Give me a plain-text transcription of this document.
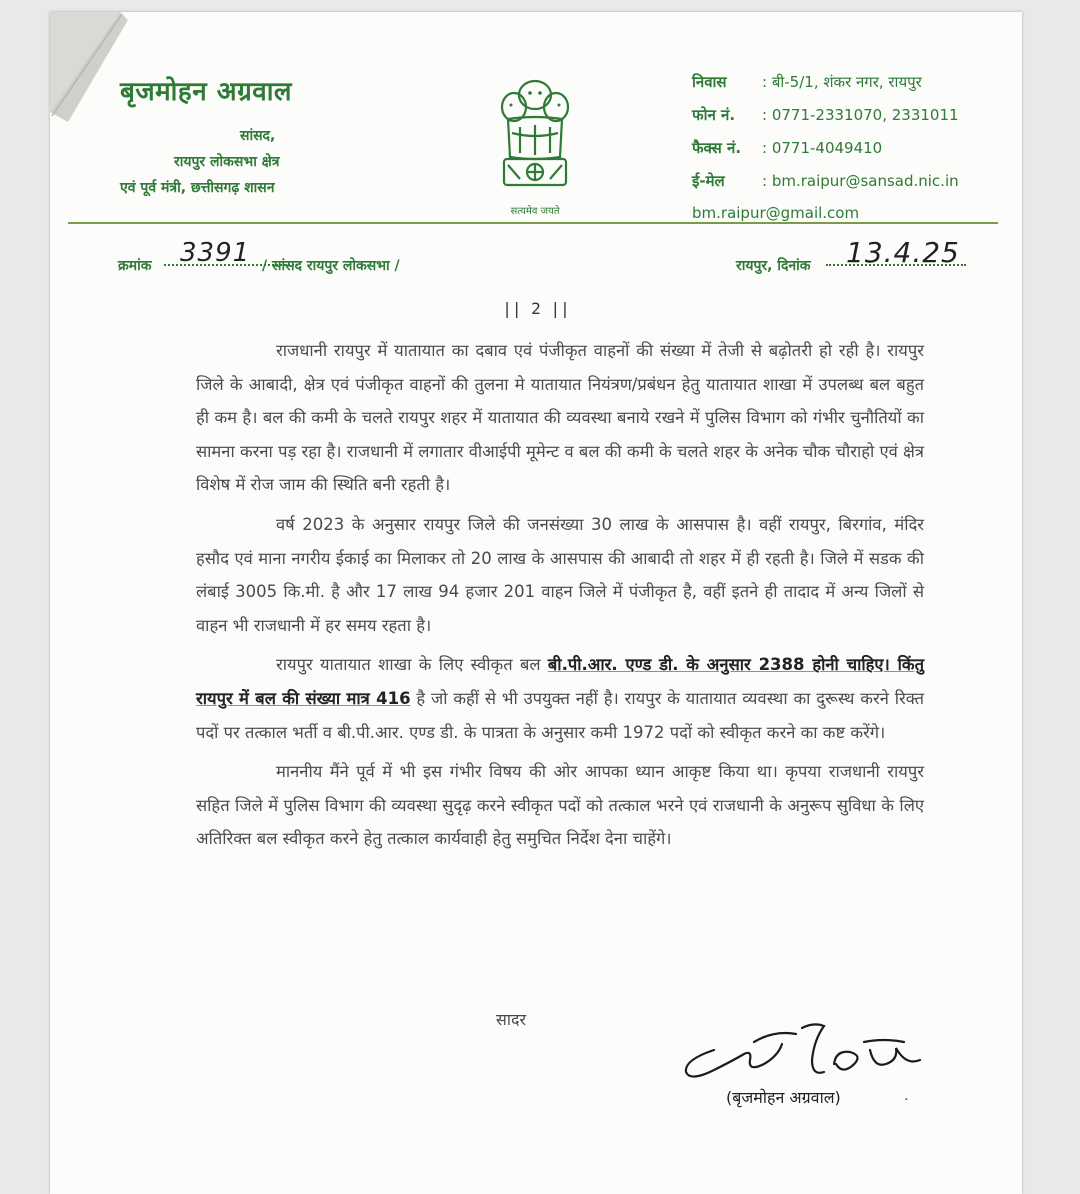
बृजमोहन अग्रवाल
सांसद,
रायपुर लोकसभा क्षेत्र
एवं पूर्व मंत्री, छत्तीसगढ़ शासन
सत्यमेव जयते
निवास	: बी-5/1, शंकर नगर, रायपुर
फोन नं.	: 0771-2331070, 2331011
फैक्स नं.	: 0771-4049410
ई-मेल	: bm.raipur@sansad.nic.in
bm.raipur@gmail.com
क्रमांक 3391 / सांसद रायपुर लोकसभा /	रायपुर, दिनांक 13.4.25
|| 2 ||

राजधानी रायपुर में यातायात का दबाव एवं पंजीकृत वाहनों की संख्या में तेजी से बढ़ोतरी हो रही है। रायपुर जिले के आबादी, क्षेत्र एवं पंजीकृत वाहनों की तुलना मे यातायात नियंत्रण/प्रबंधन हेतु यातायात शाखा में उपलब्ध बल बहुत ही कम है। बल की कमी के चलते रायपुर शहर में यातायात की व्यवस्था बनाये रखने में पुलिस विभाग को गंभीर चुनौतियों का सामना करना पड़ रहा है। राजधानी में लगातार वीआईपी मूमेन्ट व बल की कमी के चलते शहर के अनेक चौक चौराहो एवं क्षेत्र विशेष में रोज जाम की स्थिति बनी रहती है।

वर्ष 2023 के अनुसार रायपुर जिले की जनसंख्या 30 लाख के आसपास है। वहीं रायपुर, बिरगांव, मंदिर हसौद एवं माना नगरीय ईकाई का मिलाकर तो 20 लाख के आसपास की आबादी तो शहर में ही रहती है। जिले में सडक की लंबाई 3005 कि.मी. है और 17 लाख 94 हजार 201 वाहन जिले में पंजीकृत है, वहीं इतने ही तादाद में अन्य जिलों से वाहन भी राजधानी में हर समय रहता है।

रायपुर यातायात शाखा के लिए स्वीकृत बल बी.पी.आर. एण्ड डी. के अनुसार 2388 होनी चाहिए। किंतु रायपुर में बल की संख्या मात्र 416 है जो कहीं से भी उपयुक्त नहीं है। रायपुर के यातायात व्यवस्था का दुरूस्थ करने रिक्त पदों पर तत्काल भर्ती व बी.पी.आर. एण्ड डी. के पात्रता के अनुसार कमी 1972 पदों को स्वीकृत करने का कष्ट करेंगे।

माननीय मैंने पूर्व में भी इस गंभीर विषय की ओर आपका ध्यान आकृष्ट किया था। कृपया राजधानी रायपुर सहित जिले में पुलिस विभाग की व्यवस्था सुदृढ़ करने स्वीकृत पदों को तत्काल भरने एवं राजधानी के अनुरूप सुविधा के लिए अतिरिक्त बल स्वीकृत करने हेतु तत्काल कार्यवाही हेतु समुचित निर्देश देना चाहेंगे।

सादर
(बृजमोहन अग्रवाल)	.
